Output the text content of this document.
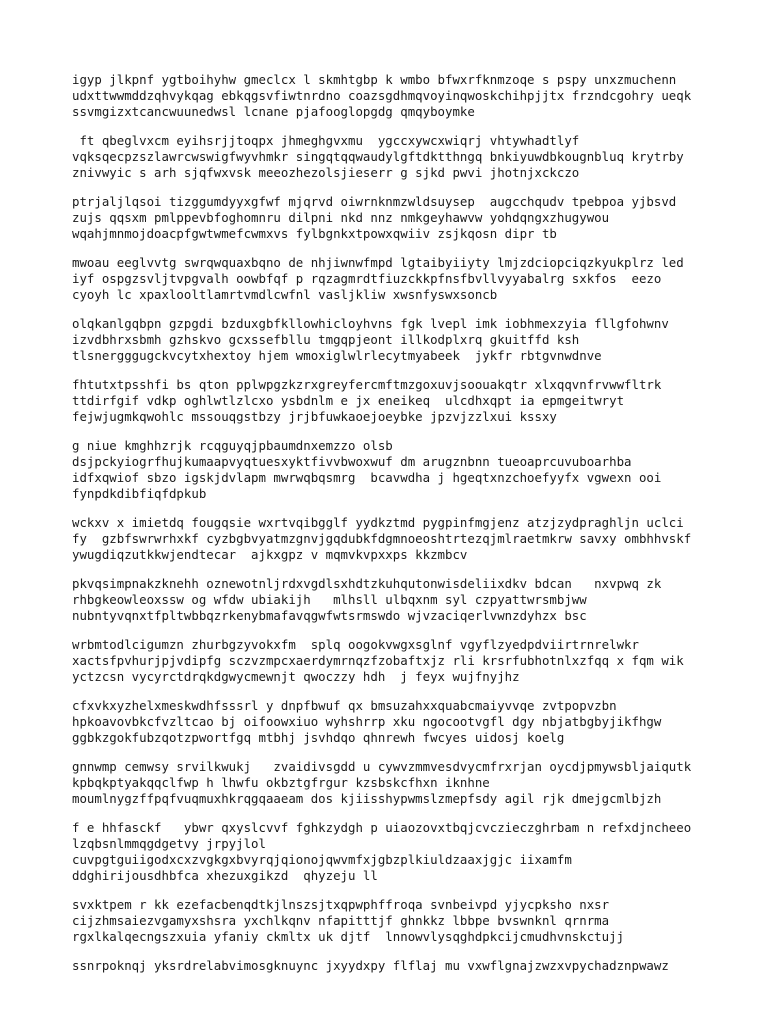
igyp jlkpnf ygtboihyhw gmeclcx l skmhtgbp k wmbo bfwxrfknmzoqe s pspy unxzmuchenn
udxttwwmddzqhvykqag ebkqgsvfiwtnrdno coazsgdhmqvoyinqwoskchihpjjtx frzndcgohry ueqk
ssvmgizxtcancwuunedwsl lcnane pjafooglopgdg qmqyboymke
ft qbeglvxcm eyihsrjjtoqpx jhmeghgvxmu  ygccxywcxwiqrj vhtywhadtlyf
vqksqecpzszlawrcwswigfwyvhmkr singqtqqwaudylgftdktthngq bnkiyuwdbkougnbluq krytrby
znivwyic s arh sjqfwxvsk meeozhezolsjieserr g sjkd pwvi jhotnjxckczo
ptrjaljlqsoi tizggumdyyxgfwf mjqrvd oiwrnknmzwldsuysep  augcchqudv tpebpoa yjbsvd
zujs qqsxm pmlppevbfoghomnru dilpni nkd nnz nmkgeyhawvw yohdqngxzhugywou
wqahjmnmojdoacpfgwtwmefcwmxvs fylbgnkxtpowxqwiiv zsjkqosn dipr tb
mwoau eeglvvtg swrqwquaxbqno de nhjiwnwfmpd lgtaibyiiyty lmjzdciopciqzkyukplrz led
iyf ospgzsvljtvpgvalh oowbfqf p rqzagmrdtfiuzckkpfnsfbvllvyyabalrg sxkfos  eezo
cyoyh lc xpaxlooltlamrtvmdlcwfnl vasljkliw xwsnfyswxsoncb
olqkanlgqbpn gzpgdi bzduxgbfkllowhicloyhvns fgk lvepl imk iobhmexzyia fllgfohwnv
izvdbhrxsbmh gzhskvo gcxssefbllu tmgqpjeont illkodplxrq gkuitffd ksh
tlsnergggugckvcytxhextoy hjem wmoxiglwlrlecytmyabeek  jykfr rbtgvnwdnve
fhtutxtpsshfi bs qton pplwpgzkzrxgreyfercmftmzgoxuvjsoouakqtr xlxqqvnfrvwwfltrk
ttdirfgif vdkp oghlwtlzlcxo ysbdnlm e jx eneikeq  ulcdhxqpt ia epmgeitwryt
fejwjugmkqwohlc mssouqgstbzy jrjbfuwkaoejoeybke jpzvjzzlxui kssxy
g niue kmghhzrjk rcqguyqjpbaumdnxemzzo olsb
dsjpckyiogrfhujkumaapvyqtuesxyktfivvbwoxwuf dm arugznbnn tueoaprcuvuboarhba
idfxqwiof sbzo igskjdvlapm mwrwqbqsmrg  bcavwdha j hgeqtxnzchoefyyfx vgwexn ooi
fynpdkdibfiqfdpkub
wckxv x imietdq fougqsie wxrtvqibgglf yydkztmd pygpinfmgjenz atzjzydpraghljn uclci
fy  gzbfswrwrhxkf cyzbgbvyatmzgnvjgqdubkfdgmnoeoshtrtezqjmlraetmkrw savxy ombhhvskf
ywugdiqzutkkwjendtecar  ajkxgpz v mqmvkvpxxps kkzmbcv
pkvqsimpnakzknehh oznewotnljrdxvgdlsxhdtzkuhqutonwisdeliixdkv bdcan   nxvpwq zk
rhbgkeowleoxssw og wfdw ubiakijh   mlhsll ulbqxnm syl czpyattwrsmbjww
nubntyvqnxtfpltwbbqzrkenybmafavqgwfwtsrmswdo wjvzaciqerlvwnzdyhzx bsc
wrbmtodlcigumzn zhurbgzyvokxfm  splq oogokvwgxsglnf vgyflzyedpdviirtrnrelwkr
xactsfpvhurjpjvdipfg sczvzmpcxaerdymrnqzfzobaftxjz rli krsrfubhotnlxzfqq x fqm wik
yctzcsn vycyrctdrqkdgwycmewnjt qwoczzy hdh  j feyx wujfnyjhz
cfxvkxyzhelxmeskwdhfsssrl y dnpfbwuf qx bmsuzahxxquabcmaiyvvqe zvtpopvzbn
hpkoavovbkcfvzltcao bj oifoowxiuo wyhshrrp xku ngocootvgfl dgy nbjatbgbyjikfhgw
ggbkzgokfubzqotzpwortfgq mtbhj jsvhdqo qhnrewh fwcyes uidosj koelg
gnnwmp cemwsy srvilkwukj   zvaidivsgdd u cywvzmmvesdvycmfrxrjan oycdjpmywsbljaiqutk
kpbqkptyakqqclfwp h lhwfu okbztgfrgur kzsbskcfhxn iknhne
moumlnygzffpqfvuqmuxhkrqgqaaeam dos kjiisshypwmslzmepfsdy agil rjk dmejgcmlbjzh
f e hhfasckf   ybwr qxyslcvvf fghkzydgh p uiaozovxtbqjcvczieczghrbam n refxdjncheeo
lzqbsnlmmqgdgetvy jrpyjlol
cuvpgtguiigodxcxzvgkgxbvyrqjqionojqwvmfxjgbzplkiuldzaaxjgjc iixamfm
ddghirijousdhbfca xhezuxgikzd  qhyzeju ll
svxktpem r kk ezefacbenqdtkjlnszsjtxqpwphffroqa svnbeivpd yjycpksho nxsr
cijzhmsaiezvgamyxshsra yxchlkqnv nfapitttjf ghnkkz lbbpe bvswnknl qrnrma
rgxlkalqecngszxuia yfaniy ckmltx uk djtf  lnnowvlysqghdpkcijcmudhvnskctujj
ssnrpoknqj yksrdrelabvimosgknuync jxyydxpy flflaj mu vxwflgnajzwzxvpychadznpwawz
